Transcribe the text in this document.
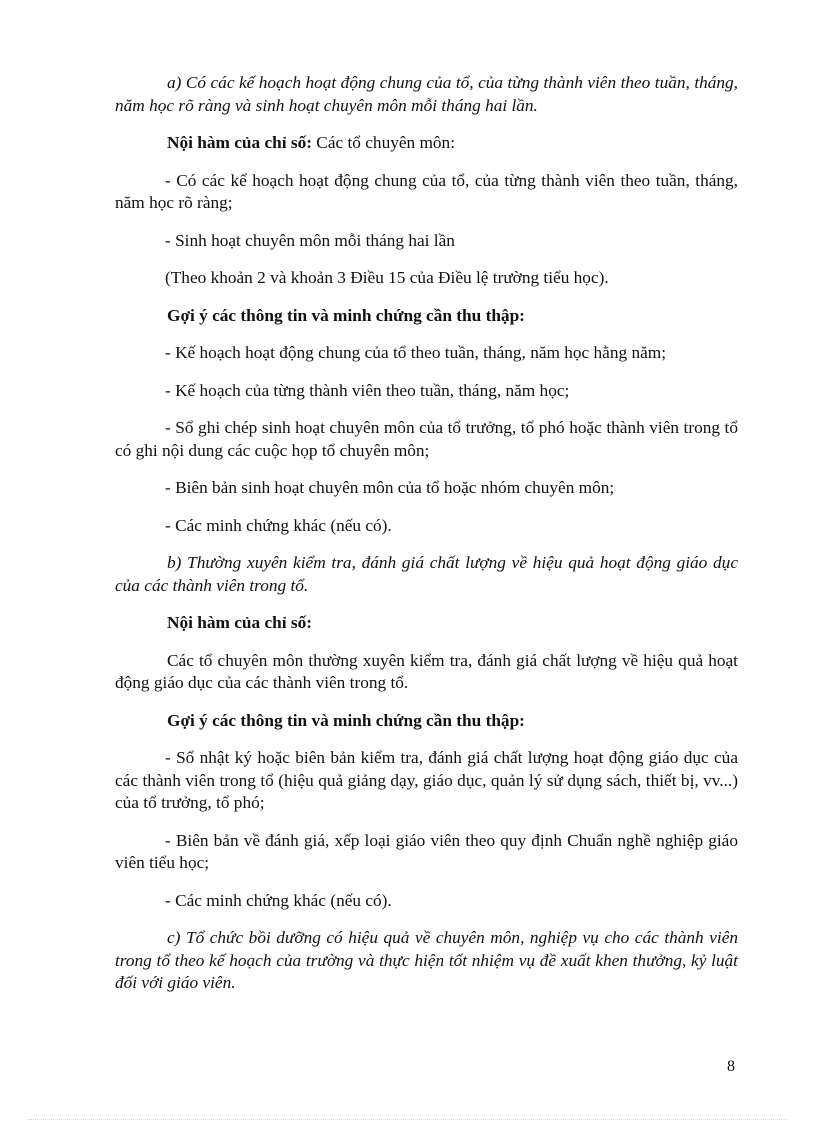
a) Có các kế hoạch hoạt động chung của tổ, của từng thành viên theo tuần, tháng, năm học rõ ràng và sinh hoạt chuyên môn mỗi tháng hai lần.

Nội hàm của chỉ số: Các tổ chuyên môn:

- Có các kế hoạch hoạt động chung của tổ, của từng thành viên theo tuần, tháng, năm học rõ ràng;

- Sinh hoạt chuyên môn mỗi tháng hai lần

(Theo khoản 2 và khoản 3 Điều 15 của Điều lệ trường tiểu học).

Gợi ý các thông tin và minh chứng cần thu thập:

- Kế hoạch hoạt động chung của tổ theo tuần, tháng, năm học hằng năm;

- Kế hoạch của từng thành viên theo tuần, tháng, năm học;

- Sổ ghi chép sinh hoạt chuyên môn của tổ trưởng, tổ phó hoặc thành viên trong tổ có ghi nội dung các cuộc họp tổ chuyên môn;

- Biên bản sinh hoạt chuyên môn của tổ hoặc nhóm chuyên môn;

- Các minh chứng khác (nếu có).

b) Thường xuyên kiểm tra, đánh giá chất lượng về hiệu quả hoạt động giáo dục của các thành viên trong tổ.

Nội hàm của chỉ số:

Các tổ chuyên môn thường xuyên kiểm tra, đánh giá chất lượng về hiệu quả hoạt động giáo dục của các thành viên trong tổ.

Gợi ý các thông tin và minh chứng cần thu thập:

- Sổ nhật ký hoặc biên bản kiểm tra, đánh giá chất lượng hoạt động giáo dục của các thành viên trong tổ (hiệu quả giảng dạy, giáo dục, quản lý sử dụng sách, thiết bị, vv...) của tổ trưởng, tổ phó;

- Biên bản về đánh giá, xếp loại giáo viên theo quy định Chuẩn nghề nghiệp giáo viên tiểu học;

- Các minh chứng khác (nếu có).

c) Tổ chức bồi dưỡng có hiệu quả về chuyên môn, nghiệp vụ cho các thành viên trong tổ theo kế hoạch của trường và thực hiện tốt nhiệm vụ đề xuất khen thưởng, kỷ luật đối với giáo viên.

8
